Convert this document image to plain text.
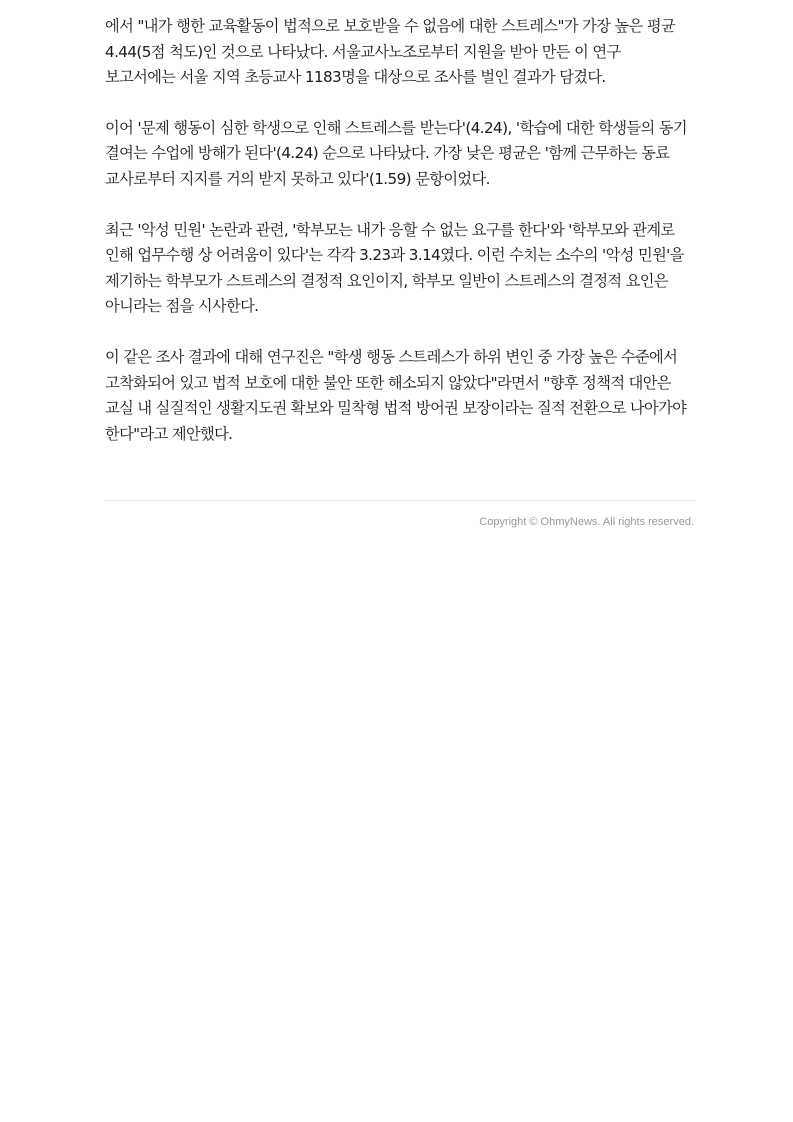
에서 "내가 행한 교육활동이 법적으로 보호받을 수 없음에 대한 스트레스"가 가장 높은 평균 4.44(5점 척도)인 것으로 나타났다. 서울교사노조로부터 지원을 받아 만든 이 연구 보고서에는 서울 지역 초등교사 1183명을 대상으로 조사를 벌인 결과가 담겼다.

이어 '문제 행동이 심한 학생으로 인해 스트레스를 받는다'(4.24), '학습에 대한 학생들의 동기 결여는 수업에 방해가 된다'(4.24) 순으로 나타났다. 가장 낮은 평균은 '함께 근무하는 동료 교사로부터 지지를 거의 받지 못하고 있다'(1.59) 문항이었다.

최근 '악성 민원' 논란과 관련, '학부모는 내가 응할 수 없는 요구를 한다'와 '학부모와 관계로 인해 업무수행 상 어려움이 있다'는 각각 3.23과 3.14였다. 이런 수치는 소수의 '악성 민원'을 제기하는 학부모가 스트레스의 결정적 요인이지, 학부모 일반이 스트레스의 결정적 요인은 아니라는 점을 시사한다.

이 같은 조사 결과에 대해 연구진은 "학생 행동 스트레스가 하위 변인 중 가장 높은 수준에서 고착화되어 있고 법적 보호에 대한 불안 또한 해소되지 않았다"라면서 "향후 정책적 대안은 교실 내 실질적인 생활지도권 확보와 밀착형 법적 방어권 보장이라는 질적 전환으로 나아가야 한다"라고 제안했다.

Copyright © OhmyNews. All rights reserved.
